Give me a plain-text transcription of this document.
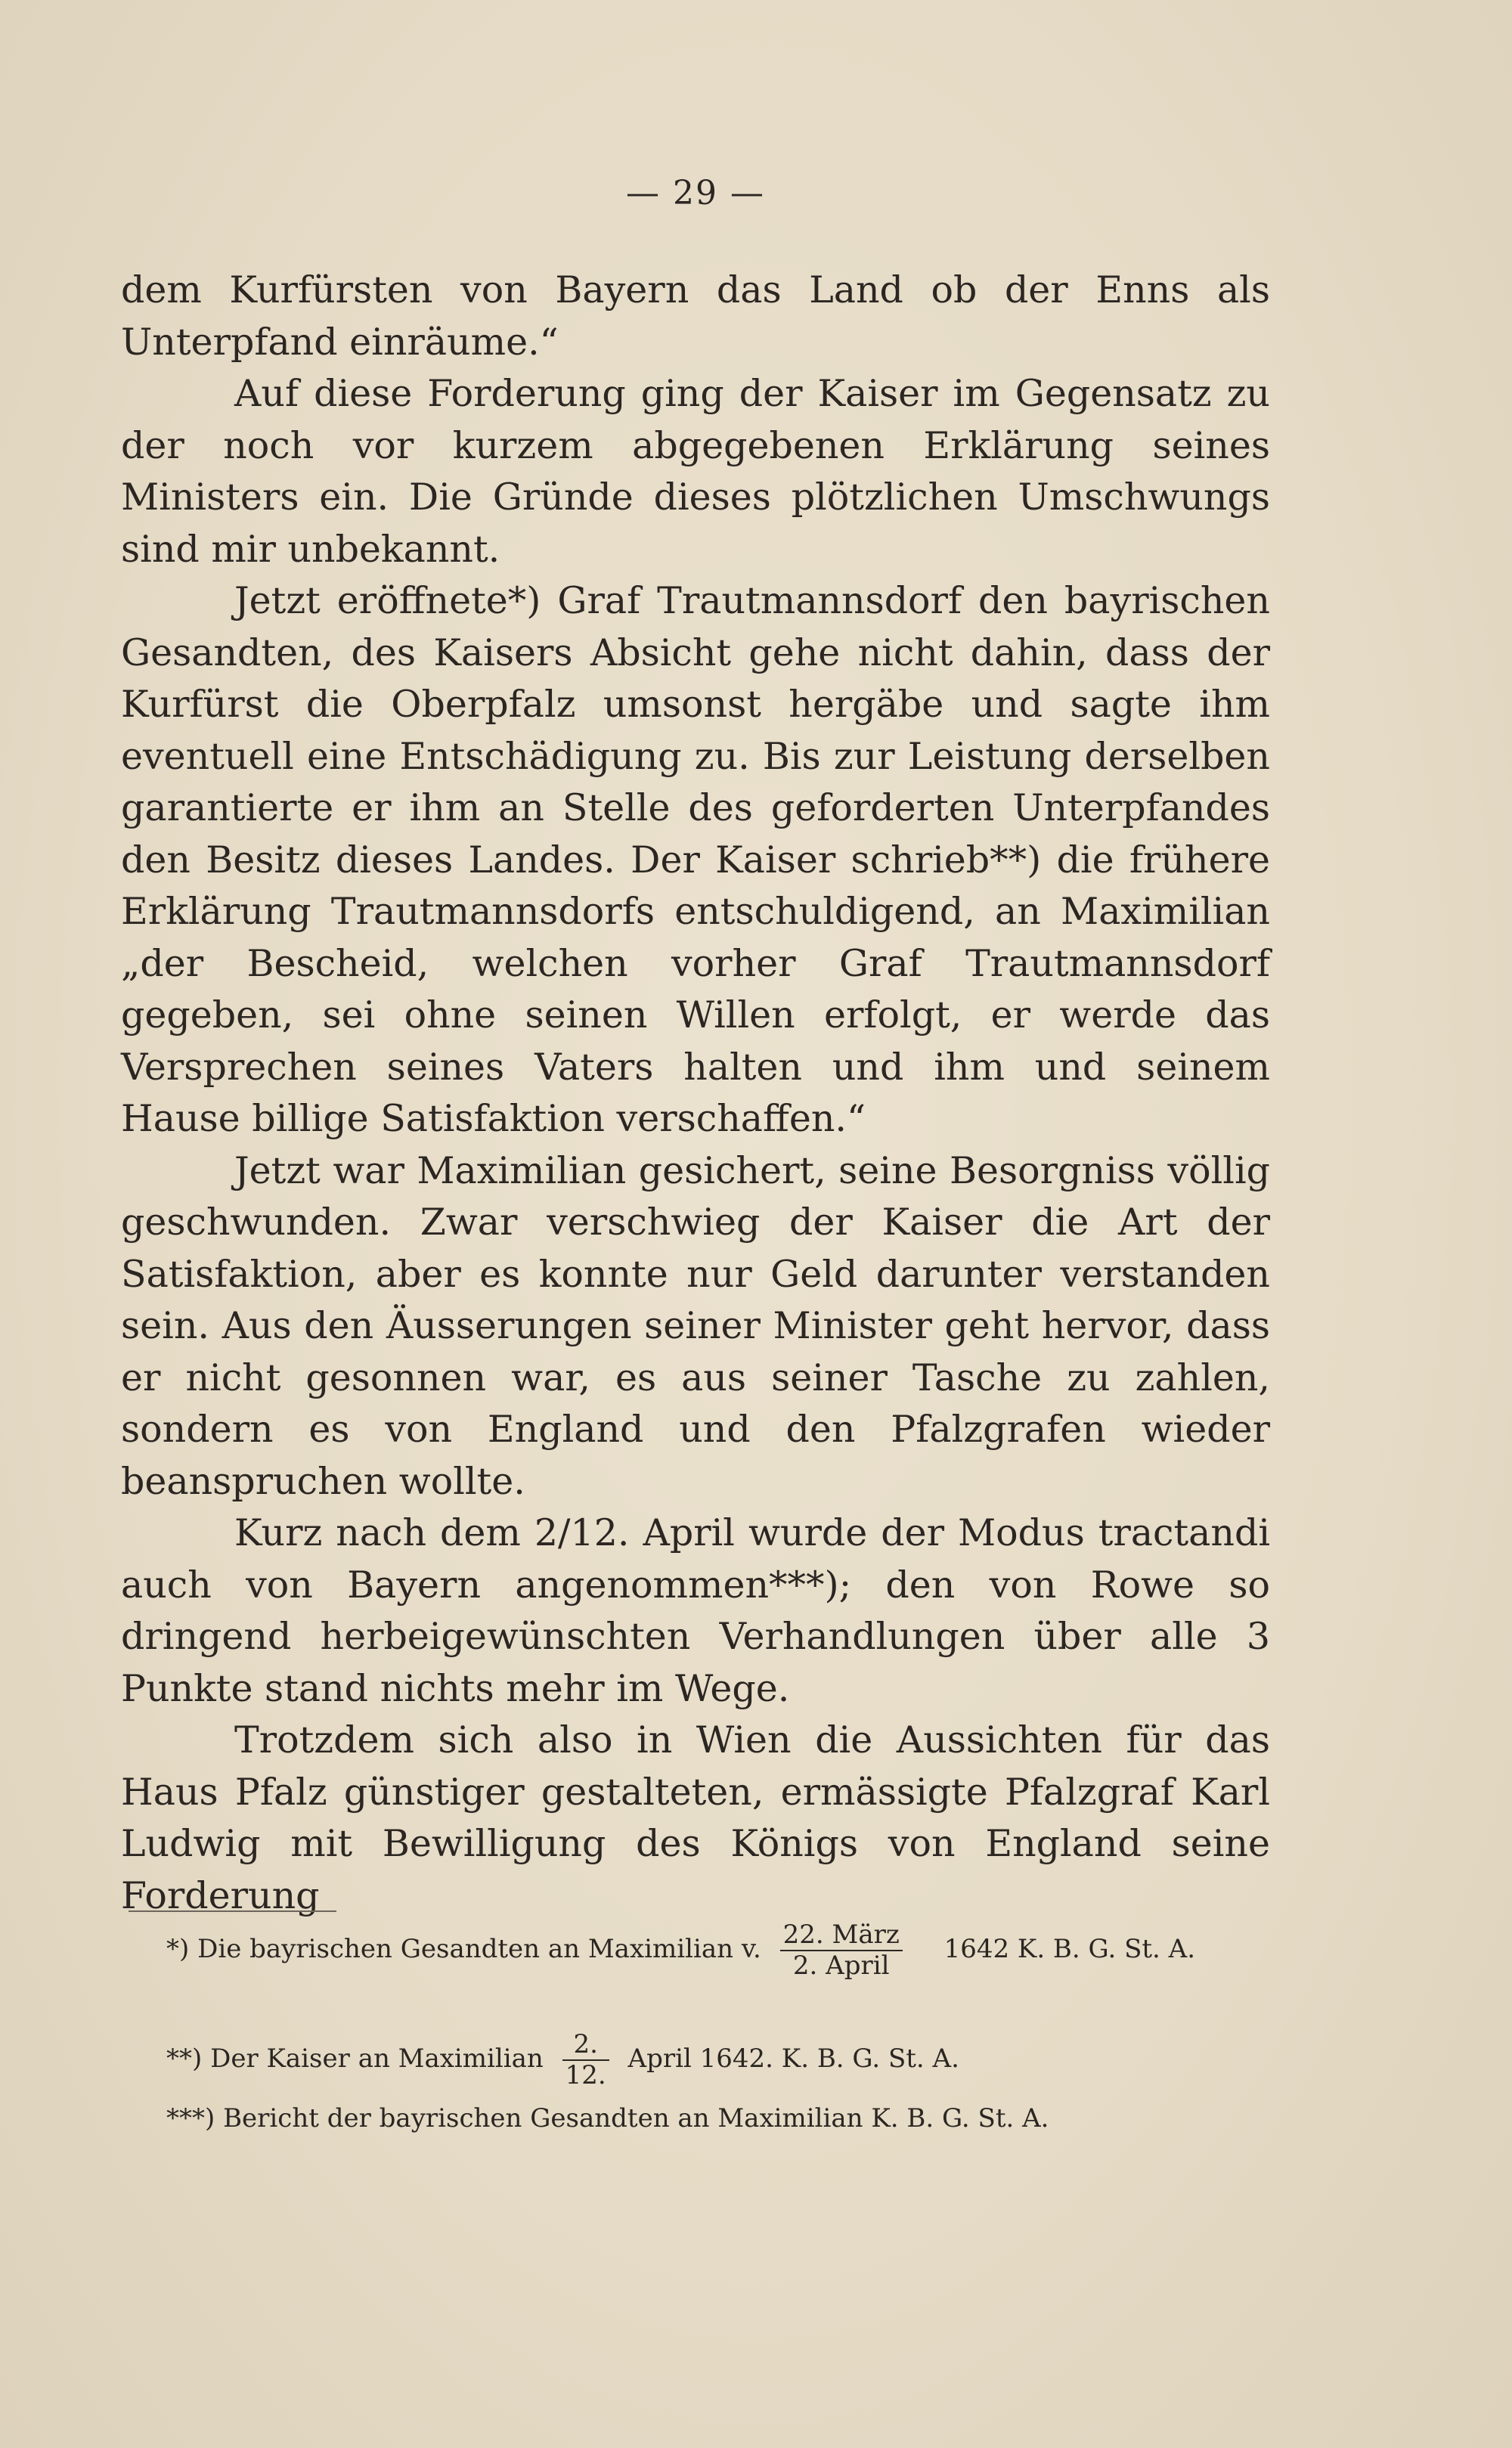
— 29 —

dem Kurfürsten von Bayern das Land ob der Enns als Unterpfand einräume.“

Auf diese Forderung ging der Kaiser im Gegensatz zu der noch vor kurzem abgegebenen Erklärung seines Ministers ein. Die Gründe dieses plötzlichen Umschwungs sind mir unbekannt.

Jetzt eröffnete*) Graf Trautmannsdorf den bayrischen Gesandten, des Kaisers Absicht gehe nicht dahin, dass der Kurfürst die Oberpfalz umsonst hergäbe und sagte ihm eventuell eine Entschädigung zu. Bis zur Leistung derselben garantierte er ihm an Stelle des geforderten Unterpfandes den Besitz dieses Landes. Der Kaiser schrieb**) die frühere Erklärung Trautmannsdorfs entschuldigend, an Maximilian „der Bescheid, welchen vorher Graf Trautmannsdorf gegeben, sei ohne seinen Willen erfolgt, er werde das Versprechen seines Vaters halten und ihm und seinem Hause billige Satisfaktion verschaffen.“

Jetzt war Maximilian gesichert, seine Besorgniss völlig geschwunden. Zwar verschwieg der Kaiser die Art der Satisfaktion, aber es konnte nur Geld darunter verstanden sein. Aus den Äusserungen seiner Minister geht hervor, dass er nicht gesonnen war, es aus seiner Tasche zu zahlen, sondern es von England und den Pfalzgrafen wieder beanspruchen wollte.

Kurz nach dem 2/12. April wurde der Modus tractandi auch von Bayern angenommen***); den von Rowe so dringend herbeigewünschten Verhandlungen über alle 3 Punkte stand nichts mehr im Wege.

Trotzdem sich also in Wien die Aussichten für das Haus Pfalz günstiger gestalteten, ermässigte Pfalzgraf Karl Ludwig mit Bewilligung des Königs von England seine Forderung

*) Die bayrischen Gesandten an Maximilian v. $\frac{\text{22. März}}{\text{2. April}} 1642$ K. B. G. St. A.
**) Der Kaiser an Maximilian $\frac{2.}{12.}$ April 1642. K. B. G. St. A.
***) Bericht der bayrischen Gesandten an Maximilian K. B. G. St. A.
